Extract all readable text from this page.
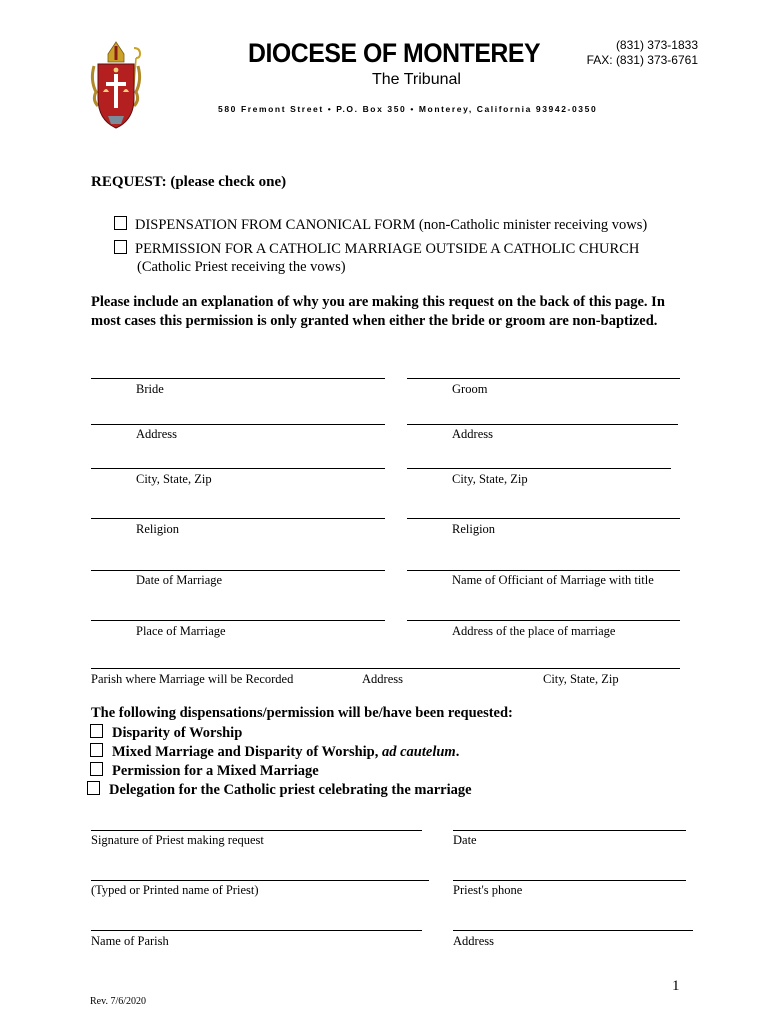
DIOCESE OF MONTEREY
The Tribunal
580 Fremont Street • P.O. Box 350 • Monterey, California 93942-0350
(831) 373-1833
FAX: (831) 373-6761
REQUEST: (please check one)
DISPENSATION FROM CANONICAL FORM (non-Catholic minister receiving vows)
PERMISSION FOR A CATHOLIC MARRIAGE OUTSIDE A CATHOLIC CHURCH
(Catholic Priest receiving the vows)
Please include an explanation of why you are making this request on the back of this page. In most cases this permission is only granted when either the bride or groom are non-baptized.
Bride	Groom
Address	Address
City, State, Zip	City, State, Zip
Religion	Religion
Date of Marriage	Name of Officiant of Marriage with title
Place of Marriage	Address of the place of marriage
Parish where Marriage will be Recorded	Address	City, State, Zip
The following dispensations/permission will be/have been requested:
Disparity of Worship
Mixed Marriage and Disparity of Worship, ad cautelum.
Permission for a Mixed Marriage
Delegation for the Catholic priest celebrating the marriage
Signature of Priest making request	Date
(Typed or Printed name of Priest)	Priest's phone
Name of Parish	Address
1
Rev. 7/6/2020
